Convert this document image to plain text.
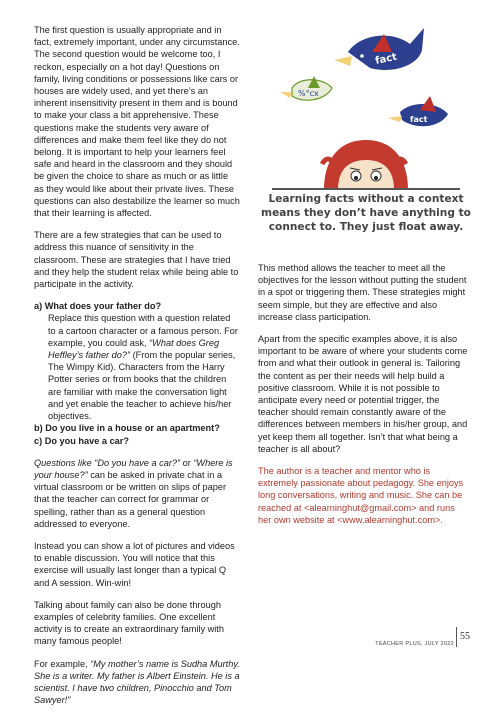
The first question is usually appropriate and in fact, extremely important, under any circumstance. The second question would be welcome too, I reckon, especially on a hot day! Questions on family, living conditions or possessions like cars or houses are widely used, and yet there’s an inherent insensitivity present in them and is bound to make your class a bit apprehensive. These questions make the students very aware of differences and make them feel like they do not belong. It is important to help your learners feel safe and heard in the classroom and they should be given the choice to share as much or as little as they would like about their private lives. These questions can also destabilize the learner so much that their learning is affected.

There are a few strategies that can be used to address this nuance of sensitivity in the classroom. These are strategies that I have tried and they help the student relax while being able to participate in the activity.

a) What does your father do?
Replace this question with a question related to a cartoon character or a famous person. For example, you could ask, “What does Greg Heffley’s father do?” (From the popular series, The Wimpy Kid). Characters from the Harry Potter series or from books that the children are familiar with make the conversation light and yet enable the teacher to achieve his/her objectives.
b) Do you live in a house or an apartment?
c) Do you have a car?

Questions like “Do you have a car?” or “Where is your house?” can be asked in private chat in a virtual classroom or be written on slips of paper that the teacher can correct for grammar or spelling, rather than as a general question addressed to everyone.

Instead you can show a lot of pictures and videos to enable discussion. You will notice that this exercise will usually last longer than a typical Q and A session. Win-win!

Talking about family can also be done through examples of celebrity families. One excellent activity is to create an extraordinary family with many famous people!

For example, “My mother’s name is Sudha Murthy. She is a writer. My father is Albert Einstein. He is a scientist. I have two children, Pinocchio and Tom Sawyer!”

fact
%°cx
fact
Learning facts without a context means they don’t have anything to connect to. They just float away.

This method allows the teacher to meet all the objectives for the lesson without putting the student in a spot or triggering them. These strategies might seem simple, but they are effective and also increase class participation.

Apart from the specific examples above, it is also important to be aware of where your students come from and what their outlook in general is. Tailoring the content as per their needs will help build a positive classroom. While it is not possible to anticipate every need or potential trigger, the teacher should remain constantly aware of the differences between members in his/her group, and yet keep them all together. Isn’t that what being a teacher is all about?

The author is a teacher and mentor who is extremely passionate about pedagogy. She enjoys long conversations, writing and music. She can be reached at <alearninghut@gmail.com> and runs her own website at <www.alearninghut.com>.

TEACHER PLUS, JULY 2022
55
